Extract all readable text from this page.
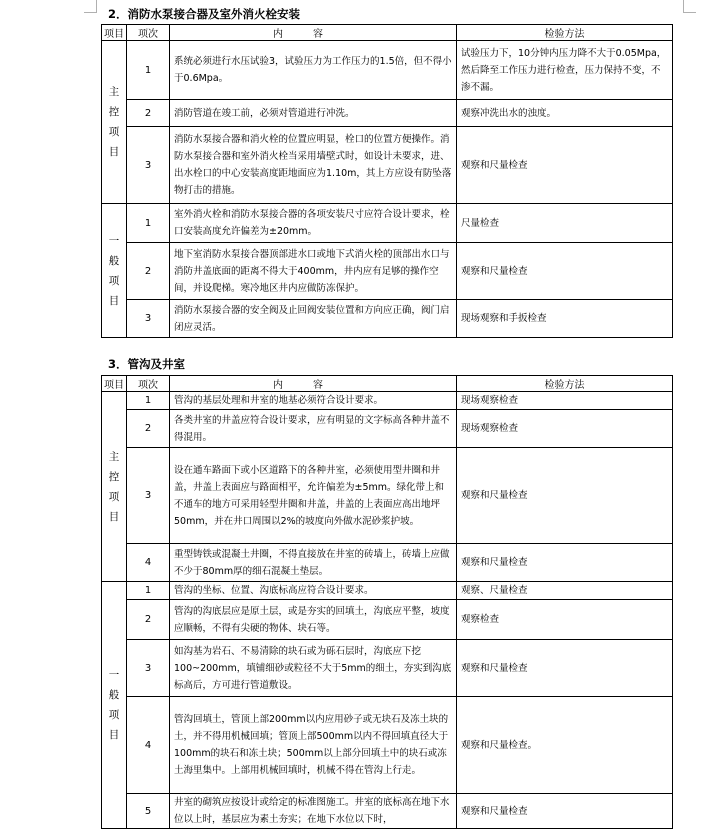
2．消防水泵接合器及室外消火栓安装
项目	项次	内容	检验方法

主控项目	1	系统必须进行水压试验3，试验压力为工作压力的1.5倍，但不得小于0.6Mpa。	试验压力下，10分钟内压力降不大于0.05Mpa，然后降至工作压力进行检查，压力保持不变，不渗不漏。
	2	消防管道在竣工前，必须对管道进行冲洗。	观察冲洗出水的浊度。
	3	消防水泵接合器和消火栓的位置应明显，栓口的位置方便操作。消防水泵接合器和室外消火栓当采用墙壁式时，如设计未要求，进、出水栓口的中心安装高度距地面应为1.10m，其上方应设有防坠落物打击的措施。	观察和尺量检查

一般项目	1	室外消火栓和消防水泵接合器的各项安装尺寸应符合设计要求，栓口安装高度允许偏差为±20mm。	尺量检查
	2	地下室消防水泵接合器顶部进水口或地下式消火栓的顶部出水口与消防井盖底面的距离不得大于400mm，井内应有足够的操作空间，并设爬梯。寒冷地区井内应做防冻保护。	观察和尺量检查
	3	消防水泵接合器的安全阀及止回阀安装位置和方向应正确，阀门启闭应灵活。	现场观察和手扳检查
3．管沟及井室
项目	项次	内容	检验方法

主控项目	1	管沟的基层处理和井室的地基必须符合设计要求。	现场观察检查
	2	各类井室的井盖应符合设计要求，应有明显的文字标高各种井盖不得混用。	现场观察检查
	3	设在通车路面下或小区道路下的各种井室，必须使用型井圈和井盖，井盖上表面应与路面相平，允许偏差为±5mm。绿化带上和不通车的地方可采用轻型井圈和井盖，井盖的上表面应高出地坪50mm，并在井口周围以2%的坡度向外做水泥砂浆护坡。	观察和尺量检查
	4	重型铸铁或混凝土井圈，不得直接放在井室的砖墙上，砖墙上应做不少于80mm厚的细石混凝土垫层。	观察和尺量检查

一般项目	1	管沟的坐标、位置、沟底标高应符合设计要求。	观察、尺量检查
	2	管沟的沟底层应是原土层，或是夯实的回填土，沟底应平整，坡度应顺畅，不得有尖硬的物体、块石等。	观察检查
	3	如沟基为岩石、不易清除的块石或为砾石层时，沟底应下挖100~200mm，填铺细砂或粒径不大于5mm的细土，夯实到沟底标高后，方可进行管道敷设。	观察和尺量检查
	4	管沟回填土，管顶上部200mm以内应用砂子或无块石及冻土块的土，并不得用机械回填；管顶上部500mm以内不得回填直径大于100mm的块石和冻土块；500mm以上部分回填土中的块石或冻土海里集中。上部用机械回填时，机械不得在管沟上行走。	观察和尺量检查。
	5	井室的砌筑应按设计或给定的标准图施工。井室的底标高在地下水位以上时，基层应为素土夯实；在地下水位以下时，	观察和尺量检查
